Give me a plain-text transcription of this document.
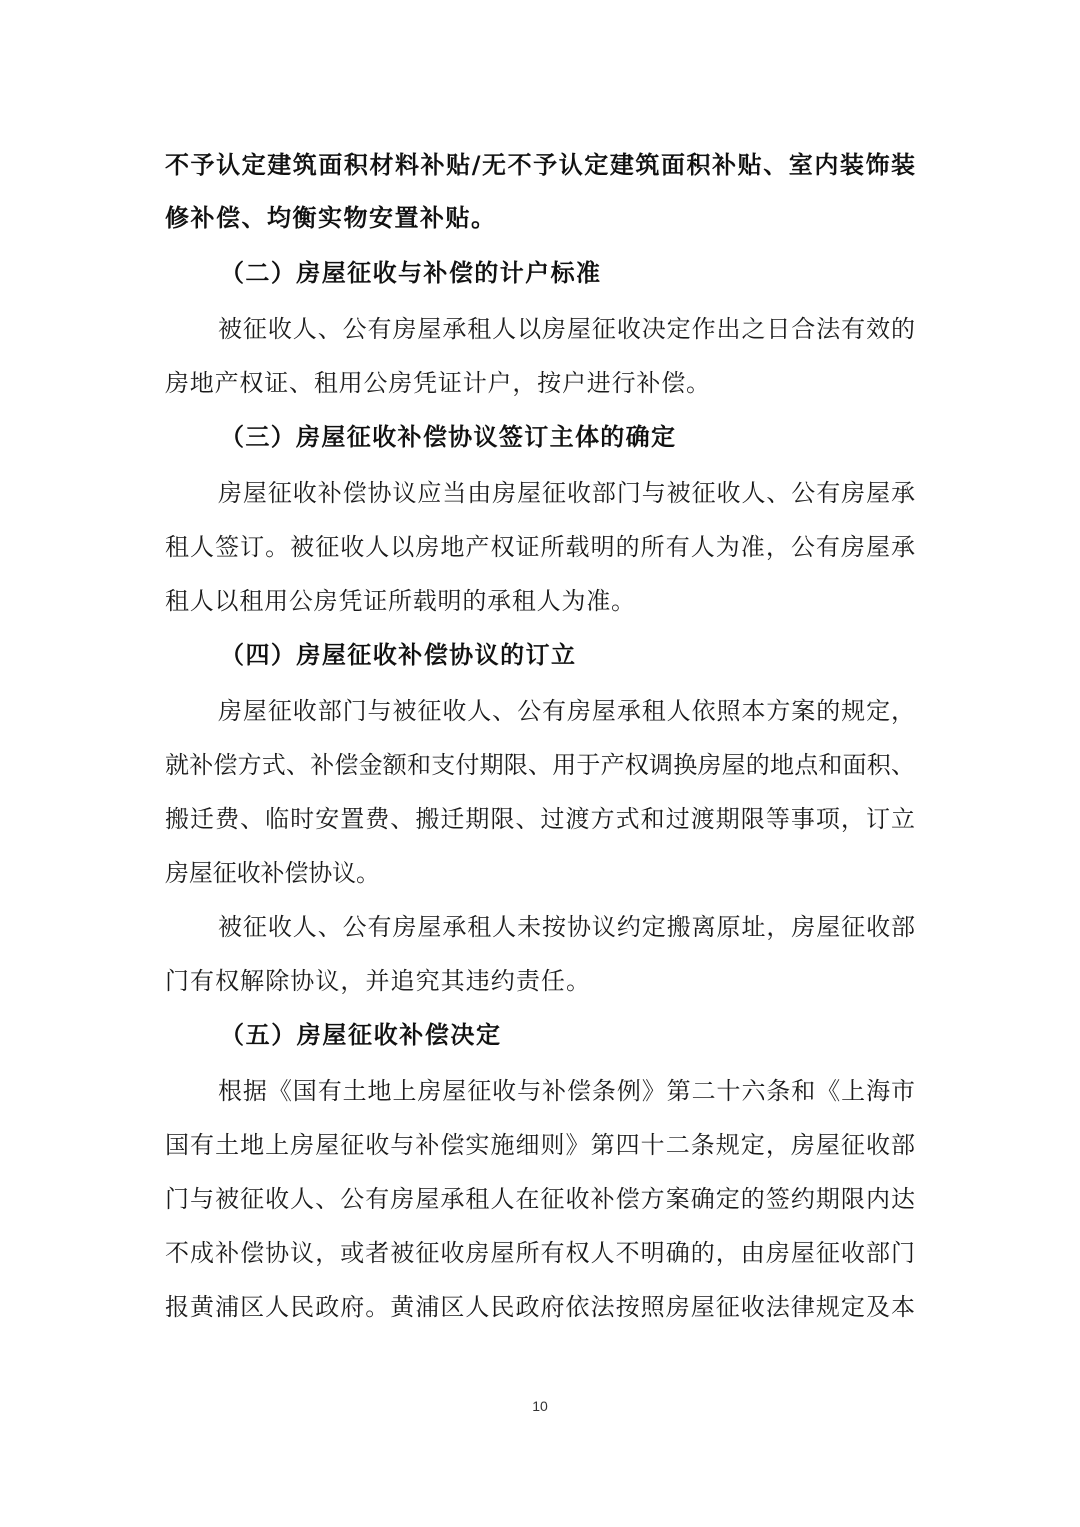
不予认定建筑面积材料补贴/无不予认定建筑面积补贴、室内装饰装
修补偿、均衡实物安置补贴。
（二）房屋征收与补偿的计户标准
被征收人、公有房屋承租人以房屋征收决定作出之日合法有效的
房地产权证、租用公房凭证计户，按户进行补偿。
（三）房屋征收补偿协议签订主体的确定
房屋征收补偿协议应当由房屋征收部门与被征收人、公有房屋承
租人签订。被征收人以房地产权证所载明的所有人为准，公有房屋承
租人以租用公房凭证所载明的承租人为准。
（四）房屋征收补偿协议的订立
房屋征收部门与被征收人、公有房屋承租人依照本方案的规定，
就补偿方式、补偿金额和支付期限、用于产权调换房屋的地点和面积、
搬迁费、临时安置费、搬迁期限、过渡方式和过渡期限等事项，订立
房屋征收补偿协议。
被征收人、公有房屋承租人未按协议约定搬离原址，房屋征收部
门有权解除协议，并追究其违约责任。
（五）房屋征收补偿决定
根据《国有土地上房屋征收与补偿条例》第二十六条和《上海市
国有土地上房屋征收与补偿实施细则》第四十二条规定，房屋征收部
门与被征收人、公有房屋承租人在征收补偿方案确定的签约期限内达
不成补偿协议，或者被征收房屋所有权人不明确的，由房屋征收部门
报黄浦区人民政府。黄浦区人民政府依法按照房屋征收法律规定及本
10
